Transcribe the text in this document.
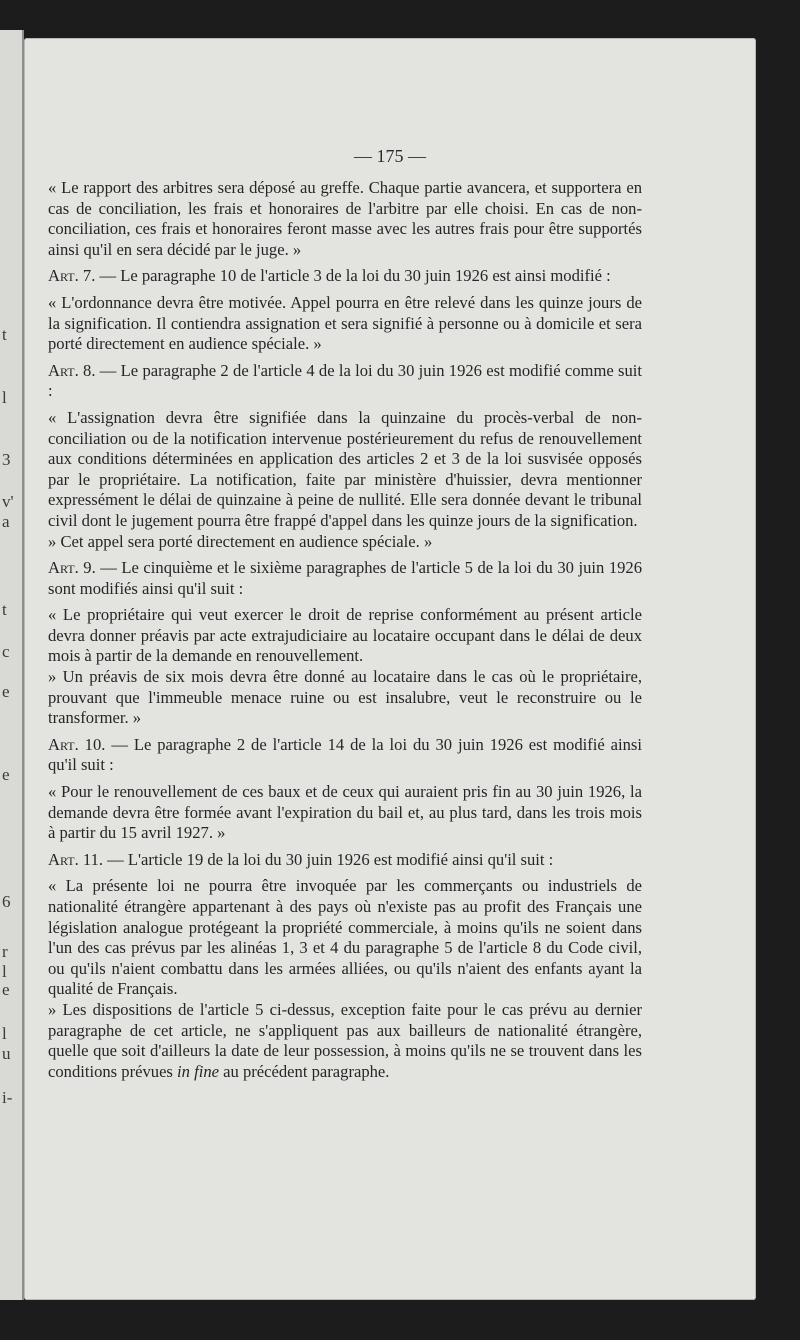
t
l
3
v'
a
t
c
e
e
6
r
l
e
l
u
i-
— 175 —

« Le rapport des arbitres sera déposé au greffe. Chaque partie avancera, et supportera en cas de conciliation, les frais et honoraires de l'arbitre par elle choisi. En cas de non-conciliation, ces frais et honoraires feront masse avec les autres frais pour être supportés ainsi qu'il en sera décidé par le juge. »

Art. 7. — Le paragraphe 10 de l'article 3 de la loi du 30 juin 1926 est ainsi modifié :

« L'ordonnance devra être motivée. Appel pourra en être relevé dans les quinze jours de la signification. Il contiendra assignation et sera signifié à personne ou à domicile et sera porté directement en audience spéciale. »

Art. 8. — Le paragraphe 2 de l'article 4 de la loi du 30 juin 1926 est modifié comme suit :

« L'assignation devra être signifiée dans la quinzaine du procès-verbal de non-conciliation ou de la notification intervenue postérieurement du refus de renouvellement aux conditions déterminées en application des articles 2 et 3 de la loi susvisée opposés par le propriétaire. La notification, faite par ministère d'huissier, devra mentionner expressément le délai de quinzaine à peine de nullité. Elle sera donnée devant le tribunal civil dont le jugement pourra être frappé d'appel dans les quinze jours de la signification.

» Cet appel sera porté directement en audience spéciale. »

Art. 9. — Le cinquième et le sixième paragraphes de l'article 5 de la loi du 30 juin 1926 sont modifiés ainsi qu'il suit :

« Le propriétaire qui veut exercer le droit de reprise conformément au présent article devra donner préavis par acte extrajudiciaire au locataire occupant dans le délai de deux mois à partir de la demande en renouvellement.

» Un préavis de six mois devra être donné au locataire dans le cas où le propriétaire, prouvant que l'immeuble menace ruine ou est insalubre, veut le reconstruire ou le transformer. »

Art. 10. — Le paragraphe 2 de l'article 14 de la loi du 30 juin 1926 est modifié ainsi qu'il suit :

« Pour le renouvellement de ces baux et de ceux qui auraient pris fin au 30 juin 1926, la demande devra être formée avant l'expiration du bail et, au plus tard, dans les trois mois à partir du 15 avril 1927. »

Art. 11. — L'article 19 de la loi du 30 juin 1926 est modifié ainsi qu'il suit :

« La présente loi ne pourra être invoquée par les commerçants ou industriels de nationalité étrangère appartenant à des pays où n'existe pas au profit des Français une législation analogue protégeant la propriété commerciale, à moins qu'ils ne soient dans l'un des cas prévus par les alinéas 1, 3 et 4 du paragraphe 5 de l'article 8 du Code civil, ou qu'ils n'aient combattu dans les armées alliées, ou qu'ils n'aient des enfants ayant la qualité de Français.

» Les dispositions de l'article 5 ci-dessus, exception faite pour le cas prévu au dernier paragraphe de cet article, ne s'appliquent pas aux bailleurs de nationalité étrangère, quelle que soit d'ailleurs la date de leur possession, à moins qu'ils ne se trouvent dans les conditions prévues in fine au précédent paragraphe.
